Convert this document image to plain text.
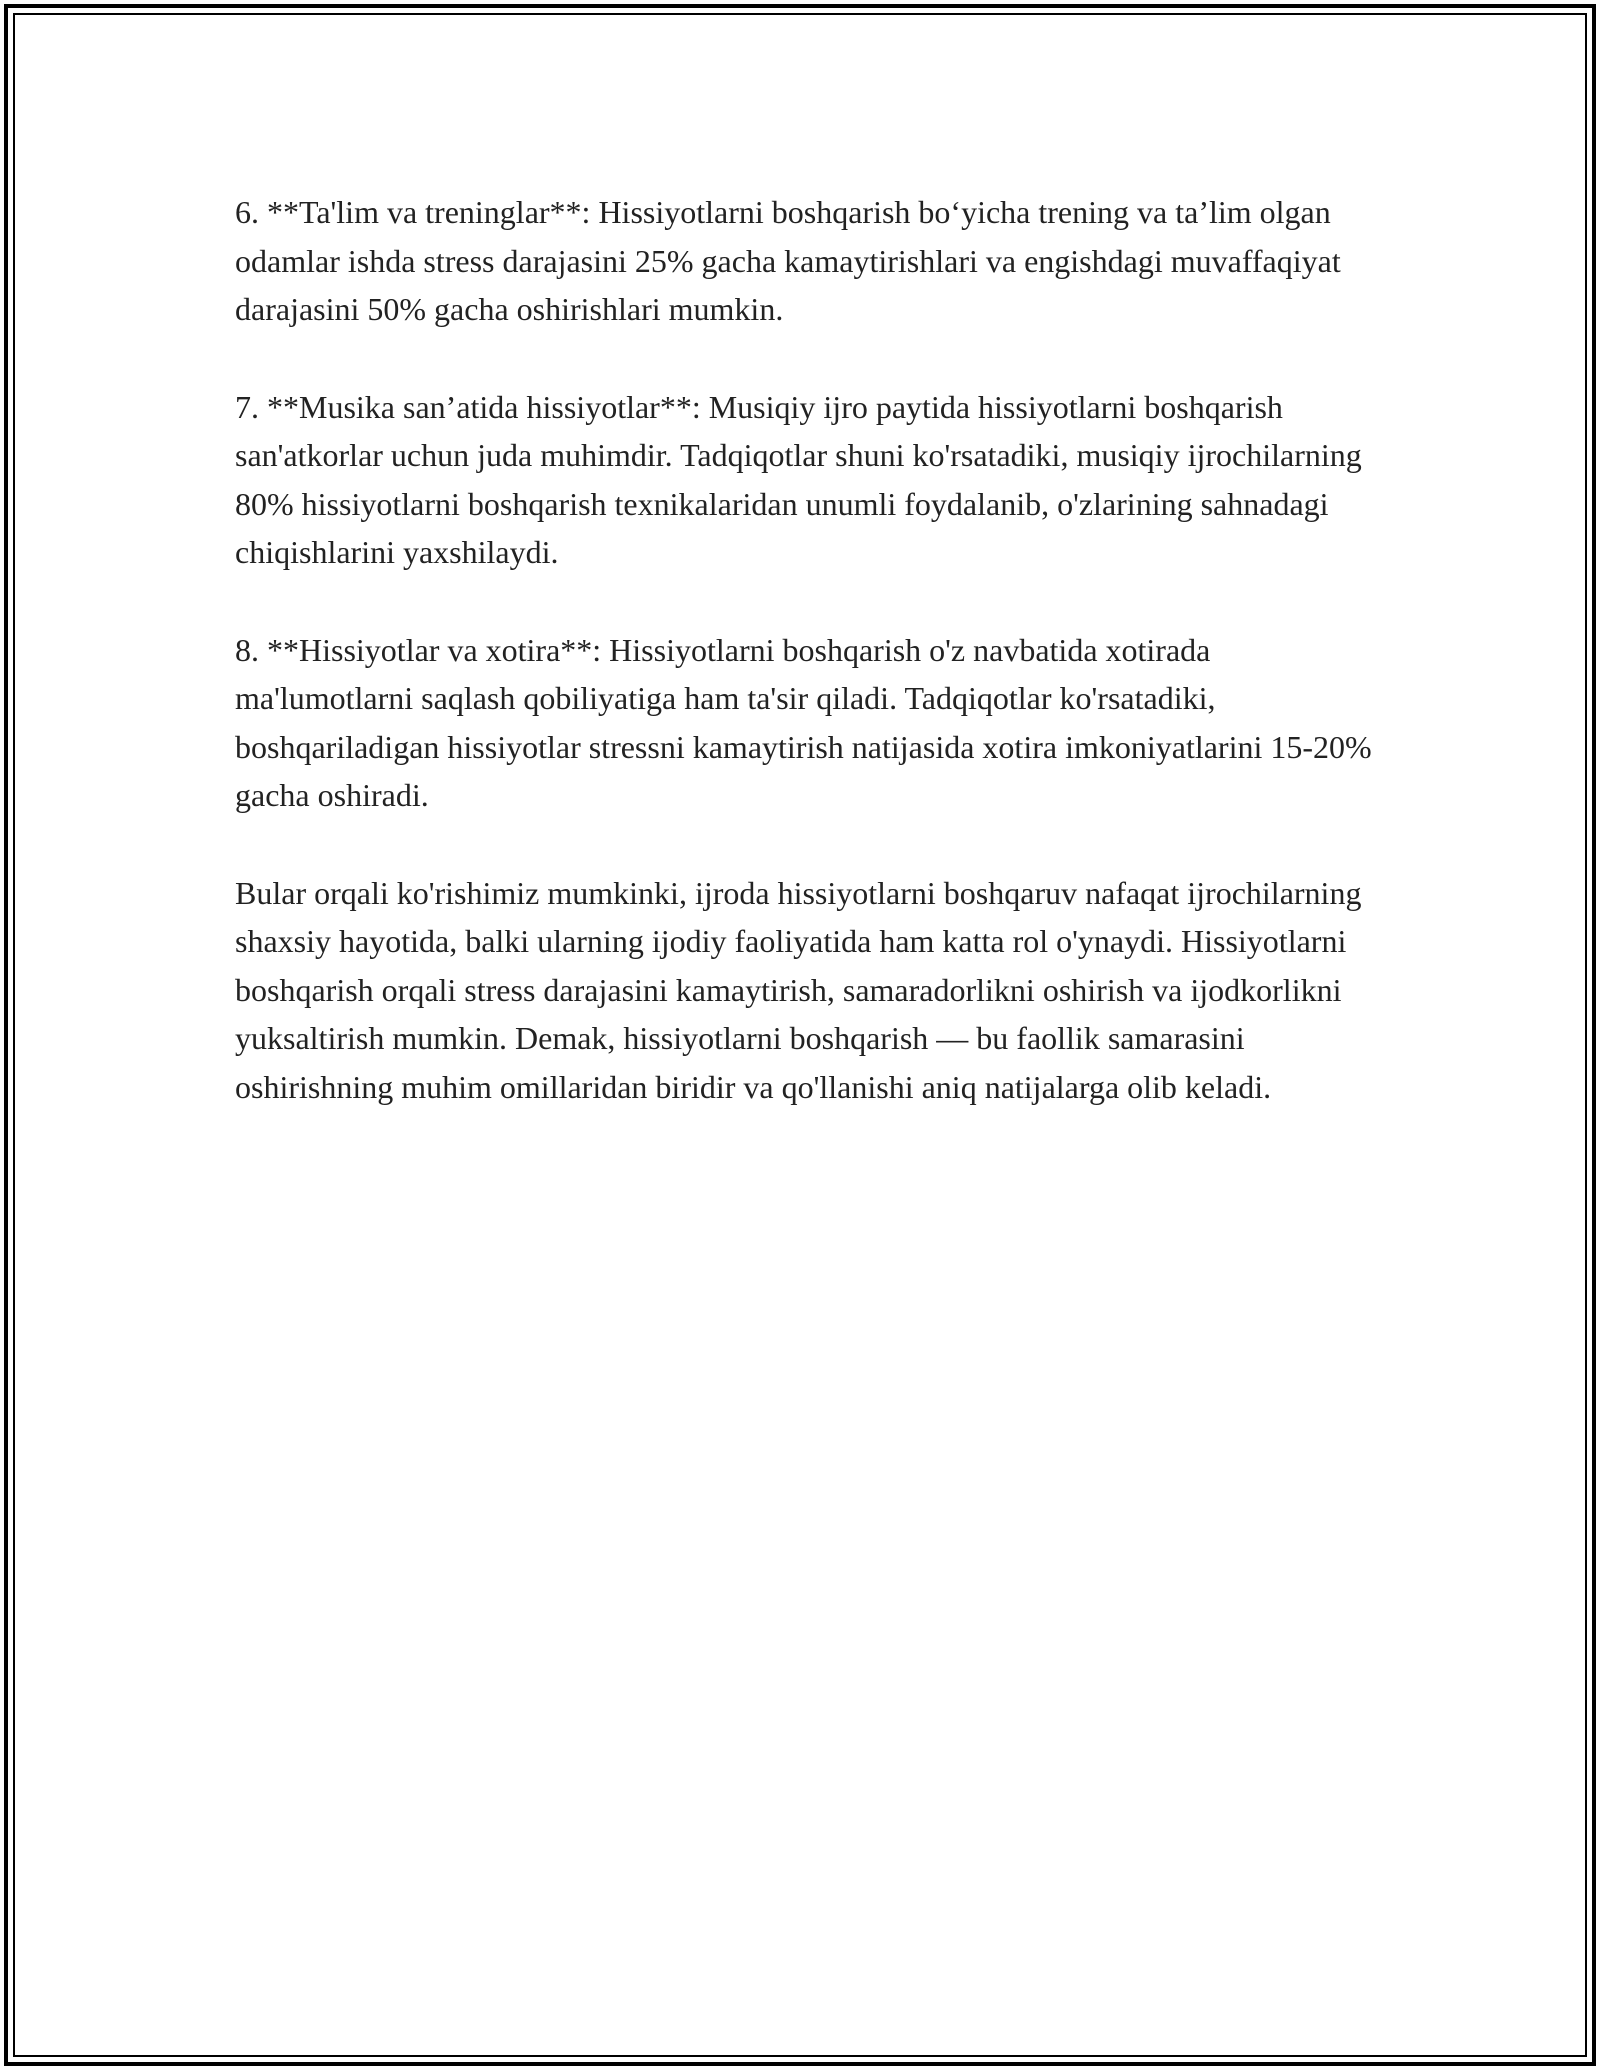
6. **Ta'lim va treninglar**: Hissiyotlarni boshqarish bo‘yicha trening va ta’lim olgan odamlar ishda stress darajasini 25% gacha kamaytirishlari va engishdagi muvaffaqiyat darajasini 50% gacha oshirishlari mumkin.

7. **Musika san’atida hissiyotlar**: Musiqiy ijro paytida hissiyotlarni boshqarish san'atkorlar uchun juda muhimdir. Tadqiqotlar shuni ko'rsatadiki, musiqiy ijrochilarning 80% hissiyotlarni boshqarish texnikalaridan unumli foydalanib, o'zlarining sahnadagi chiqishlarini yaxshilaydi.

8. **Hissiyotlar va xotira**: Hissiyotlarni boshqarish o'z navbatida xotirada ma'lumotlarni saqlash qobiliyatiga ham ta'sir qiladi. Tadqiqotlar ko'rsatadiki, boshqariladigan hissiyotlar stressni kamaytirish natijasida xotira imkoniyatlarini 15-20% gacha oshiradi.

Bular orqali ko'rishimiz mumkinki, ijroda hissiyotlarni boshqaruv nafaqat ijrochilarning shaxsiy hayotida, balki ularning ijodiy faoliyatida ham katta rol o'ynaydi. Hissiyotlarni boshqarish orqali stress darajasini kamaytirish, samaradorlikni oshirish va ijodkorlikni yuksaltirish mumkin. Demak, hissiyotlarni boshqarish — bu faollik samarasini oshirishning muhim omillaridan biridir va qo'llanishi aniq natijalarga olib keladi.
